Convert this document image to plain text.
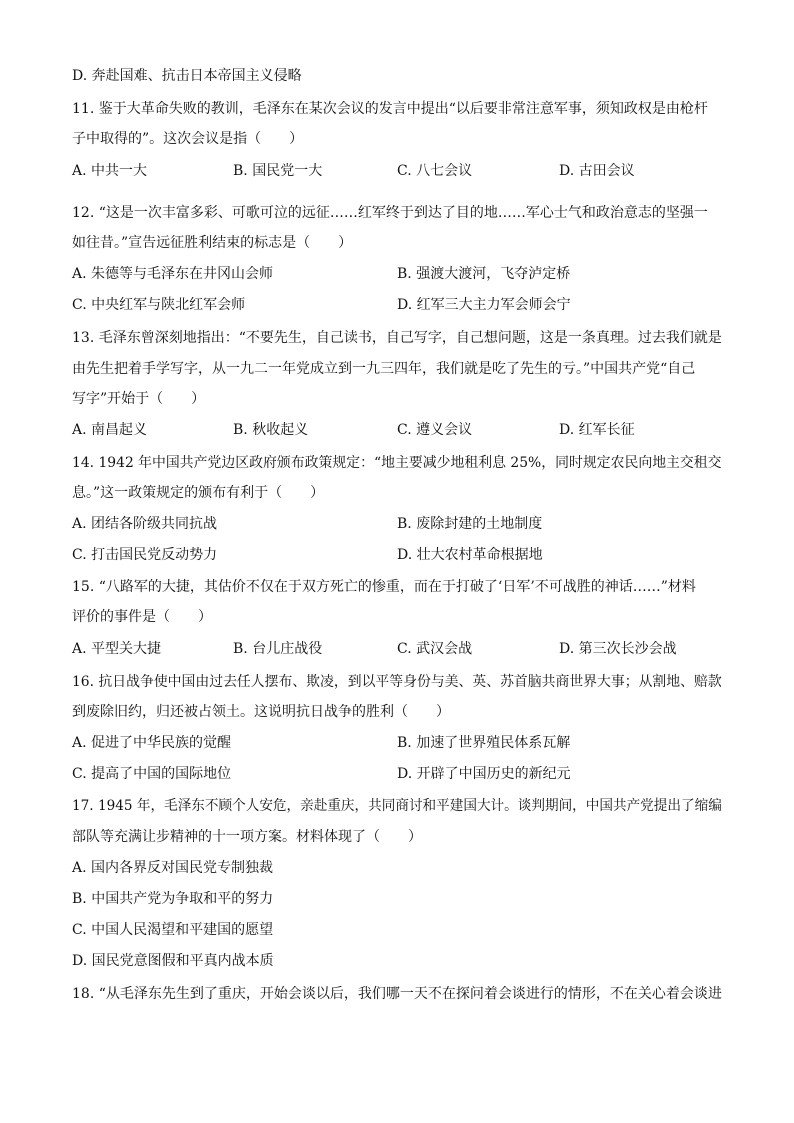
D. 奔赴国难、抗击日本帝国主义侵略
11. 鉴于大革命失败的教训，毛泽东在某次会议的发言中提出“以后要非常注意军事，须知政权是由枪杆
子中取得的”。这次会议是指（　　）
A. 中共一大	B. 国民党一大	C. 八七会议	D. 古田会议
12. “这是一次丰富多彩、可歌可泣的远征……红军终于到达了目的地……军心士气和政治意志的坚强一
如往昔。”宣告远征胜利结束的标志是（　　）
A. 朱德等与毛泽东在井冈山会师	B. 强渡大渡河，飞夺泸定桥
C. 中央红军与陕北红军会师	D. 红军三大主力军会师会宁
13. 毛泽东曾深刻地指出：“不要先生，自己读书，自己写字，自己想问题，这是一条真理。过去我们就是
由先生把着手学写字，从一九二一年党成立到一九三四年，我们就是吃了先生的亏。”中国共产党“自己
写字”开始于（　　）
A. 南昌起义	B. 秋收起义	C. 遵义会议	D. 红军长征
14. 1942 年中国共产党边区政府颁布政策规定：“地主要减少地租利息 25%，同时规定农民向地主交租交
息。”这一政策规定的颁布有利于（　　）
A. 团结各阶级共同抗战	B. 废除封建的土地制度
C. 打击国民党反动势力	D. 壮大农村革命根据地
15. “八路军的大捷，其估价不仅在于双方死亡的惨重，而在于打破了‘日军’不可战胜的神话……”材料
评价的事件是（　　）
A. 平型关大捷	B. 台儿庄战役	C. 武汉会战	D. 第三次长沙会战
16. 抗日战争使中国由过去任人摆布、欺凌，到以平等身份与美、英、苏首脑共商世界大事；从割地、赔款
到废除旧约，归还被占领土。这说明抗日战争的胜利（　　）
A. 促进了中华民族的觉醒	B. 加速了世界殖民体系瓦解
C. 提高了中国的国际地位	D. 开辟了中国历史的新纪元
17. 1945 年，毛泽东不顾个人安危，亲赴重庆，共同商讨和平建国大计。谈判期间，中国共产党提出了缩编
部队等充满让步精神的十一项方案。材料体现了（　　）
A. 国内各界反对国民党专制独裁
B. 中国共产党为争取和平的努力
C. 中国人民渴望和平建国的愿望
D. 国民党意图假和平真内战本质
18. “从毛泽东先生到了重庆，开始会谈以后，我们哪一天不在探问着会谈进行的情形，不在关心着会谈进
